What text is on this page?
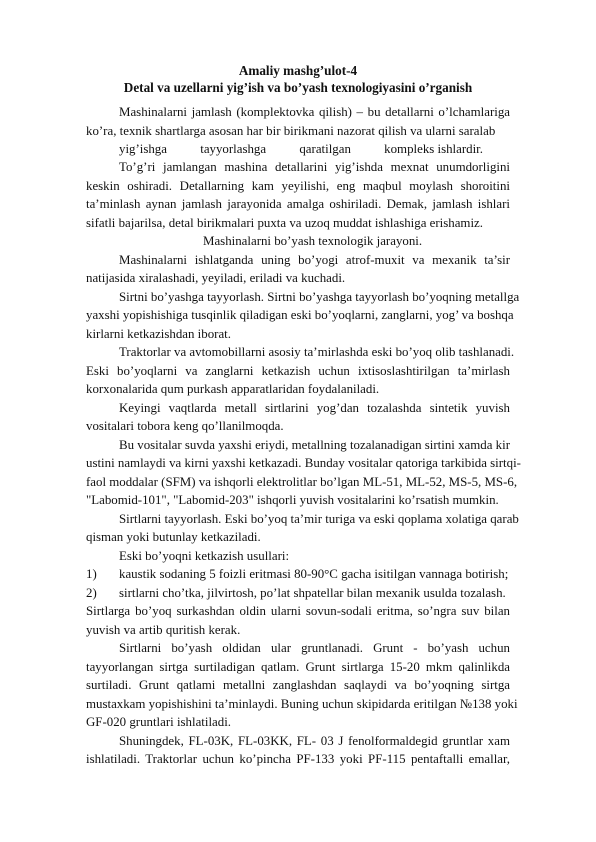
Amaliy mashg’ulot-4
Detal va uzellarni yig’ish va bo’yash texnologiyasini o’rganish
Mashinalarni jamlash (komplektovka qilish) – bu detallarni o’lchamlariga
ko’ra, texnik shartlarga asosan har bir birikmani nazorat qilish va ularni saralab
yig’ishga	tayyorlashga	qaratilgan	kompleks ishlardir.
To’g’ri jamlangan mashina detallarini yig’ishda mexnat unumdorligini
keskin oshiradi. Detallarning kam yeyilishi, eng maqbul moylash shoroitini
ta’minlash aynan jamlash jarayonida amalga oshiriladi. Demak, jamlash ishlari
sifatli bajarilsa, detal birikmalari puxta va uzoq muddat ishlashiga erishamiz.
Mashinalarni bo’yash texnologik jarayoni.
Mashinalarni ishlatganda uning bo’yogi atrof-muxit va mexanik ta’sir
natijasida xiralashadi, yeyiladi, eriladi va kuchadi.
Sirtni bo’yashga tayyorlash. Sirtni bo’yashga tayyorlash bo’yoqning metallga
yaxshi yopishishiga tusqinlik qiladigan eski bo’yoqlarni, zanglarni, yog’ va boshqa
kirlarni ketkazishdan iborat.
Traktorlar va avtomobillarni asosiy ta’mirlashda eski bo’yoq olib tashlanadi.
Eski bo’yoqlarni va zanglarni ketkazish uchun ixtisoslashtirilgan ta’mirlash
korxonalarida qum purkash apparatlaridan foydalaniladi.
Keyingi vaqtlarda metall sirtlarini yog’dan tozalashda sintetik yuvish
vositalari tobora keng qo’llanilmoqda.
Bu vositalar suvda yaxshi eriydi, metallning tozalanadigan sirtini xamda kir
ustini namlaydi va kirni yaxshi ketkazadi. Bunday vositalar qatoriga tarkibida sirtqi-
faol moddalar (SFM) va ishqorli elektrolitlar bo’lgan ML-51, ML-52, MS-5, MS-6,
"Labomid-101", "Labomid-203" ishqorli yuvish vositalarini ko’rsatish mumkin.
Sirtlarni tayyorlash. Eski bo’yoq ta’mir turiga va eski qoplama xolatiga qarab
qisman yoki butunlay ketkaziladi.
Eski bo’yoqni ketkazish usullari:
1) kaustik sodaning 5 foizli eritmasi 80-90°C gacha isitilgan vannaga botirish;
2) sirtlarni cho’tka, jilvirtosh, po’lat shpatellar bilan mexanik usulda tozalash.
Sirtlarga bo’yoq surkashdan oldin ularni sovun-sodali eritma, so’ngra suv bilan
yuvish va artib quritish kerak.
Sirtlarni bo’yash oldidan ular gruntlanadi. Grunt - bo’yash uchun
tayyorlangan sirtga surtiladigan qatlam. Grunt sirtlarga 15-20 mkm qalinlikda
surtiladi. Grunt qatlami metallni zanglashdan saqlaydi va bo’yoqning sirtga
mustaxkam yopishishini ta’minlaydi. Buning uchun skipidarda eritilgan №138 yoki
GF-020 gruntlari ishlatiladi.
Shuningdek, FL-03K, FL-03KK, FL- 03 J fenolformaldegid gruntlar xam
ishlatiladi. Traktorlar uchun ko’pincha PF-133 yoki PF-115 pentaftalli emallar,
